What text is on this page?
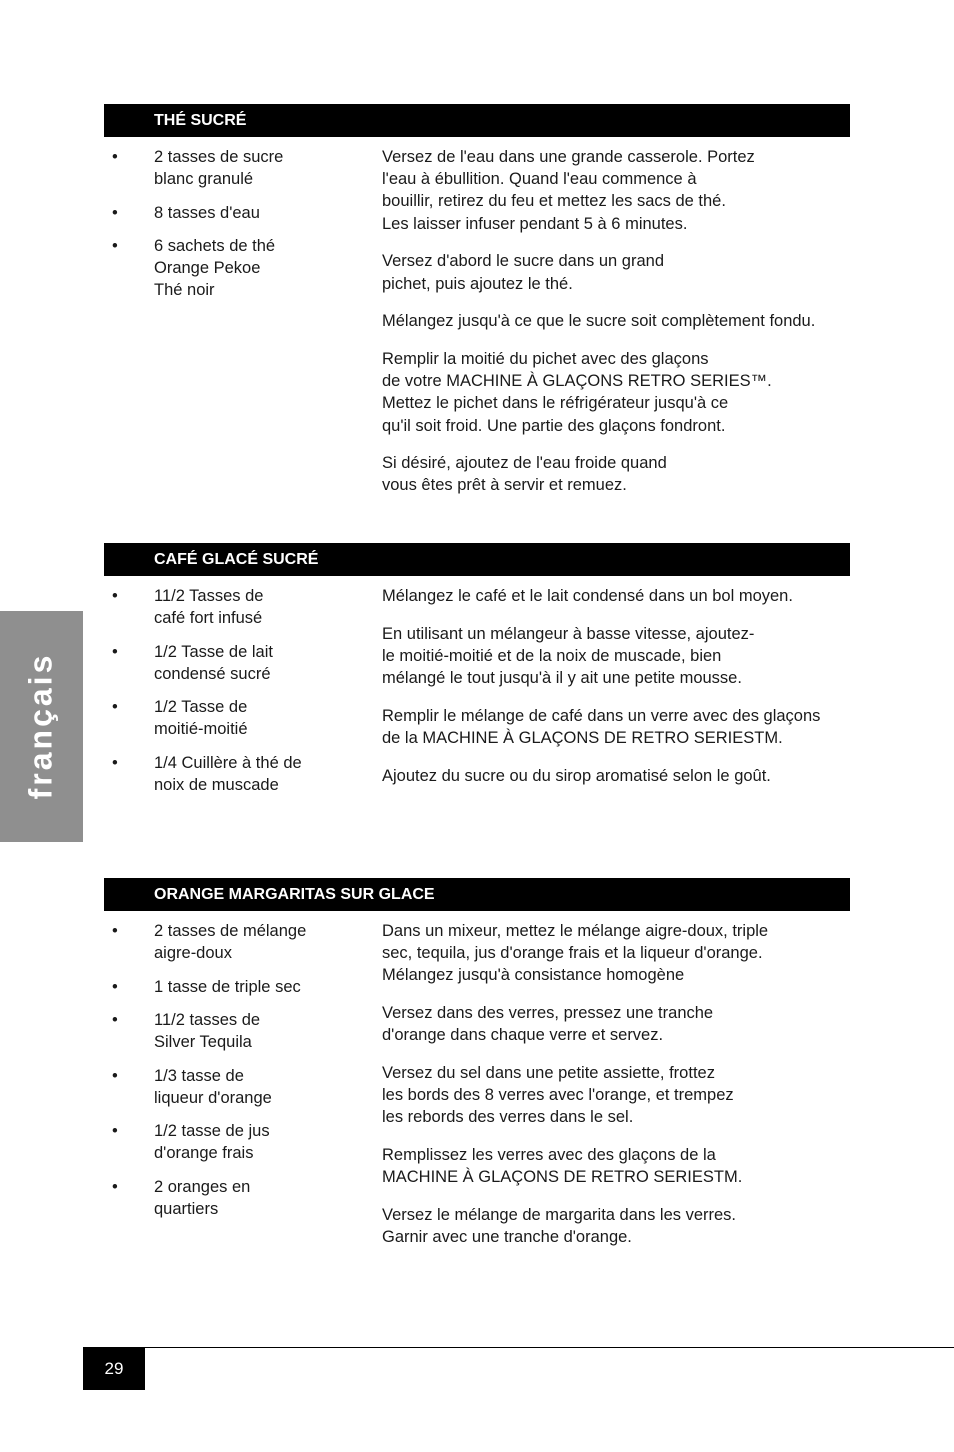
français
THÉ SUCRÉ
• 2 tasses de sucre
blanc granulé
• 8 tasses d'eau
• 6 sachets de thé
Orange Pekoe
Thé noir

Versez de l'eau dans une grande casserole. Portez
l'eau à ébullition. Quand l'eau commence à
bouillir, retirez du feu et mettez les sacs de thé.
Les laisser infuser pendant 5 à 6 minutes.

Versez d'abord le sucre dans un grand
pichet, puis ajoutez le thé.

Mélangez jusqu'à ce que le sucre soit complètement fondu.

Remplir la moitié du pichet avec des glaçons
de votre MACHINE À GLAÇONS RETRO SERIES™.
Mettez le pichet dans le réfrigérateur jusqu'à ce
qu'il soit froid. Une partie des glaçons fondront.

Si désiré, ajoutez de l'eau froide quand
vous êtes prêt à servir et remuez.

CAFÉ GLACÉ SUCRÉ
• 11/2 Tasses de
café fort infusé
• 1/2 Tasse de lait
condensé sucré
• 1/2 Tasse de
moitié-moitié
• 1/4 Cuillère à thé de
noix de muscade

Mélangez le café et le lait condensé dans un bol moyen.

En utilisant un mélangeur à basse vitesse, ajoutez-
le moitié-moitié et de la noix de muscade, bien
mélangé le tout jusqu'à il y ait une petite mousse.

Remplir le mélange de café dans un verre avec des glaçons
de la MACHINE À GLAÇONS DE RETRO SERIESTM.

Ajoutez du sucre ou du sirop aromatisé selon le goût.

ORANGE MARGARITAS SUR GLACE
• 2 tasses de mélange
aigre-doux
• 1 tasse de triple sec
• 11/2 tasses de
Silver Tequila
• 1/3 tasse de
liqueur d'orange
• 1/2 tasse de jus
d'orange frais
• 2 oranges en
quartiers

Dans un mixeur, mettez le mélange aigre-doux, triple
sec, tequila, jus d'orange frais et la liqueur d'orange.
Mélangez jusqu'à consistance homogène

Versez dans des verres, pressez une tranche
d'orange dans chaque verre et servez.

Versez du sel dans une petite assiette, frottez
les bords des 8 verres avec l'orange, et trempez
les rebords des verres dans le sel.

Remplissez les verres avec des glaçons de la
MACHINE À GLAÇONS DE RETRO SERIESTM.

Versez le mélange de margarita dans les verres.
Garnir avec une tranche d'orange.

29
